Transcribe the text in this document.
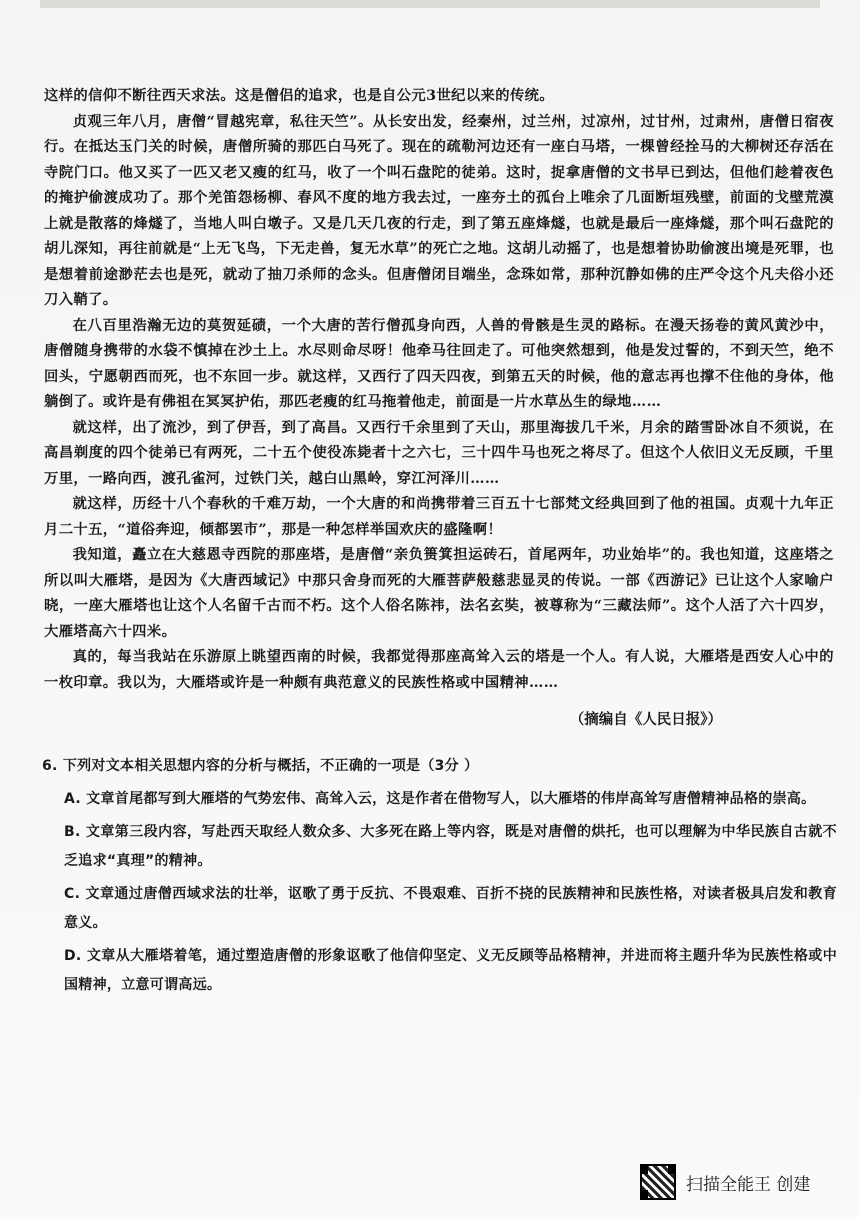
这样的信仰不断往西天求法。这是僧侣的追求，也是自公元3世纪以来的传统。

贞观三年八月，唐僧“冒越宪章，私往天竺”。从长安出发，经秦州，过兰州，过凉州，过甘州，过肃州，唐僧日宿夜行。在抵达玉门关的时候，唐僧所骑的那匹白马死了。现在的疏勒河边还有一座白马塔，一棵曾经拴马的大柳树还存活在寺院门口。他又买了一匹又老又瘦的红马，收了一个叫石盘陀的徒弟。这时，捉拿唐僧的文书早已到达，但他们趁着夜色的掩护偷渡成功了。那个羌笛怨杨柳、春风不度的地方我去过，一座夯土的孤台上唯余了几面断垣残壁，前面的戈壁荒漠上就是散落的烽燧了，当地人叫白墩子。又是几天几夜的行走，到了第五座烽燧，也就是最后一座烽燧，那个叫石盘陀的胡儿深知，再往前就是“上无飞鸟，下无走兽，复无水草”的死亡之地。这胡儿动摇了，也是想着协助偷渡出境是死罪，也是想着前途渺茫去也是死，就动了抽刀杀师的念头。但唐僧闭目端坐，念珠如常，那种沉静如佛的庄严令这个凡夫俗小还刀入鞘了。

在八百里浩瀚无边的莫贺延碛，一个大唐的苦行僧孤身向西，人兽的骨骸是生灵的路标。在漫天扬卷的黄风黄沙中，唐僧随身携带的水袋不慎掉在沙土上。水尽则命尽呀！他牵马往回走了。可他突然想到，他是发过誓的，不到天竺，绝不回头，宁愿朝西而死，也不东回一步。就这样，又西行了四天四夜，到第五天的时候，他的意志再也撑不住他的身体，他躺倒了。或许是有佛祖在冥冥护佑，那匹老瘦的红马拖着他走，前面是一片水草丛生的绿地……

就这样，出了流沙，到了伊吾，到了高昌。又西行千余里到了天山，那里海拔几千米，月余的踏雪卧冰自不须说，在高昌剃度的四个徒弟已有两死，二十五个使役冻毙者十之六七，三十四牛马也死之将尽了。但这个人依旧义无反顾，千里万里，一路向西，渡孔雀河，过铁门关，越白山黑岭，穿江河泽川……

就这样，历经十八个春秋的千难万劫，一个大唐的和尚携带着三百五十七部梵文经典回到了他的祖国。贞观十九年正月二十五，“道俗奔迎，倾都罢市”，那是一种怎样举国欢庆的盛隆啊！

我知道，矗立在大慈恩寺西院的那座塔，是唐僧“亲负篑箕担运砖石，首尾两年，功业始毕”的。我也知道，这座塔之所以叫大雁塔，是因为《大唐西域记》中那只舍身而死的大雁菩萨般慈悲显灵的传说。一部《西游记》已让这个人家喻户晓，一座大雁塔也让这个人名留千古而不朽。这个人俗名陈祎，法名玄奘，被尊称为“三藏法师”。这个人活了六十四岁，大雁塔高六十四米。

真的，每当我站在乐游原上眺望西南的时候，我都觉得那座高耸入云的塔是一个人。有人说，大雁塔是西安人心中的一枚印章。我以为，大雁塔或许是一种颇有典范意义的民族性格或中国精神……

（摘编自《人民日报》）

6. 下列对文本相关思想内容的分析与概括，不正确的一项是（3分 ）

A. 文章首尾都写到大雁塔的气势宏伟、高耸入云，这是作者在借物写人，以大雁塔的伟岸高耸写唐僧精神品格的崇高。

B. 文章第三段内容，写赴西天取经人数众多、大多死在路上等内容，既是对唐僧的烘托，也可以理解为中华民族自古就不乏追求“真理”的精神。

C. 文章通过唐僧西域求法的壮举，讴歌了勇于反抗、不畏艰难、百折不挠的民族精神和民族性格，对读者极具启发和教育意义。

D. 文章从大雁塔着笔，通过塑造唐僧的形象讴歌了他信仰坚定、义无反顾等品格精神，并进而将主题升华为民族性格或中国精神，立意可谓高远。

扫描全能王 创建
